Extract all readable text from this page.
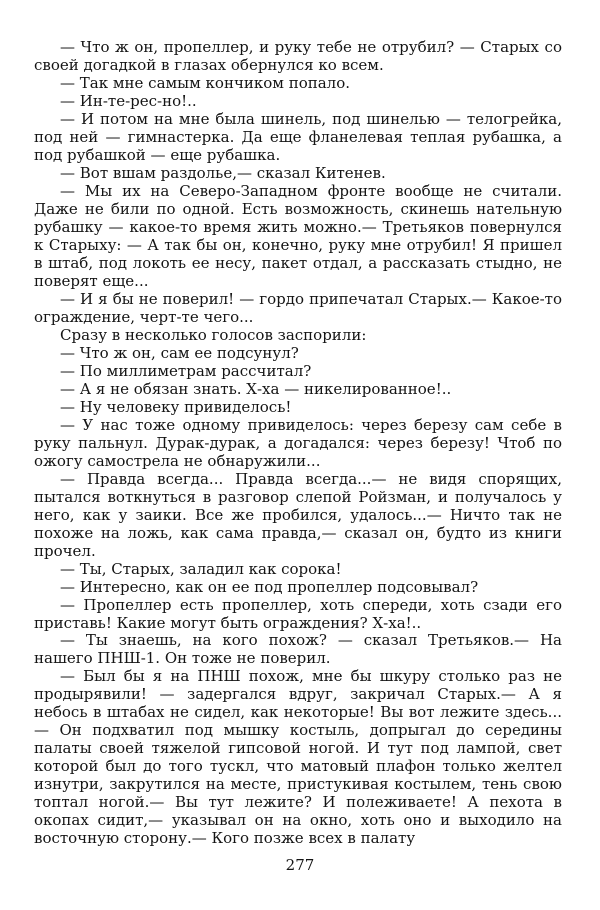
— Что ж он, пропеллер, и руку тебе не отрубил? — Старых со своей догадкой в глазах обернулся ко всем.

— Так мне самым кончиком попало.

— Ин-те-рес-но!..

— И потом на мне была шинель, под шинелью — телогрейка, под ней — гимнастерка. Да еще фланелевая теплая рубашка, а под рубашкой — еще рубашка.

— Вот вшам раздолье,— сказал Китенев.

— Мы их на Северо-Западном фронте вообще не считали. Даже не били по одной. Есть возможность, скинешь нательную рубашку — какое-то время жить можно.— Третьяков повернулся к Старыху: — А так бы он, конечно, руку мне отрубил! Я пришел в штаб, под локоть ее несу, пакет отдал, а рассказать стыдно, не поверят еще...

— И я бы не поверил! — гордо припечатал Старых.— Какое-то ограждение, черт-те чего...

Сразу в несколько голосов заспорили:

— Что ж он, сам ее подсунул?

— По миллиметрам рассчитал?

— А я не обязан знать. Х-ха — никелированное!..

— Ну человеку привиделось!

— У нас тоже одному привиделось: через березу сам себе в руку пальнул. Дурак-дурак, а догадался: через березу! Чтоб по ожогу самострела не обнаружили...

— Правда всегда... Правда всегда...— не видя спорящих, пытался воткнуться в разговор слепой Ройзман, и получалось у него, как у заики. Все же пробился, удалось...— Ничто так не похоже на ложь, как сама правда,— сказал он, будто из книги прочел.

— Ты, Старых, заладил как сорока!

— Интересно, как он ее под пропеллер подсовывал?

— Пропеллер есть пропеллер, хоть спереди, хоть сзади его приставь! Какие могут быть ограждения? Х-ха!..

— Ты знаешь, на кого похож? — сказал Третьяков.— На нашего ПНШ-1. Он тоже не поверил.

— Был бы я на ПНШ похож, мне бы шкуру столько раз не продырявили! — задергался вдруг, закричал Старых.— А я небось в штабах не сидел, как некоторые! Вы вот лежите здесь...— Он подхватил под мышку костыль, допрыгал до середины палаты своей тяжелой гипсовой ногой. И тут под лампой, свет которой был до того тускл, что матовый плафон только желтел изнутри, закрутился на месте, пристукивая костылем, тень свою топтал ногой.— Вы тут лежите? И полеживаете! А пехота в окопах сидит,— указывал он на окно, хоть оно и выходило на восточную сторону.— Кого позже всех в палату

277
